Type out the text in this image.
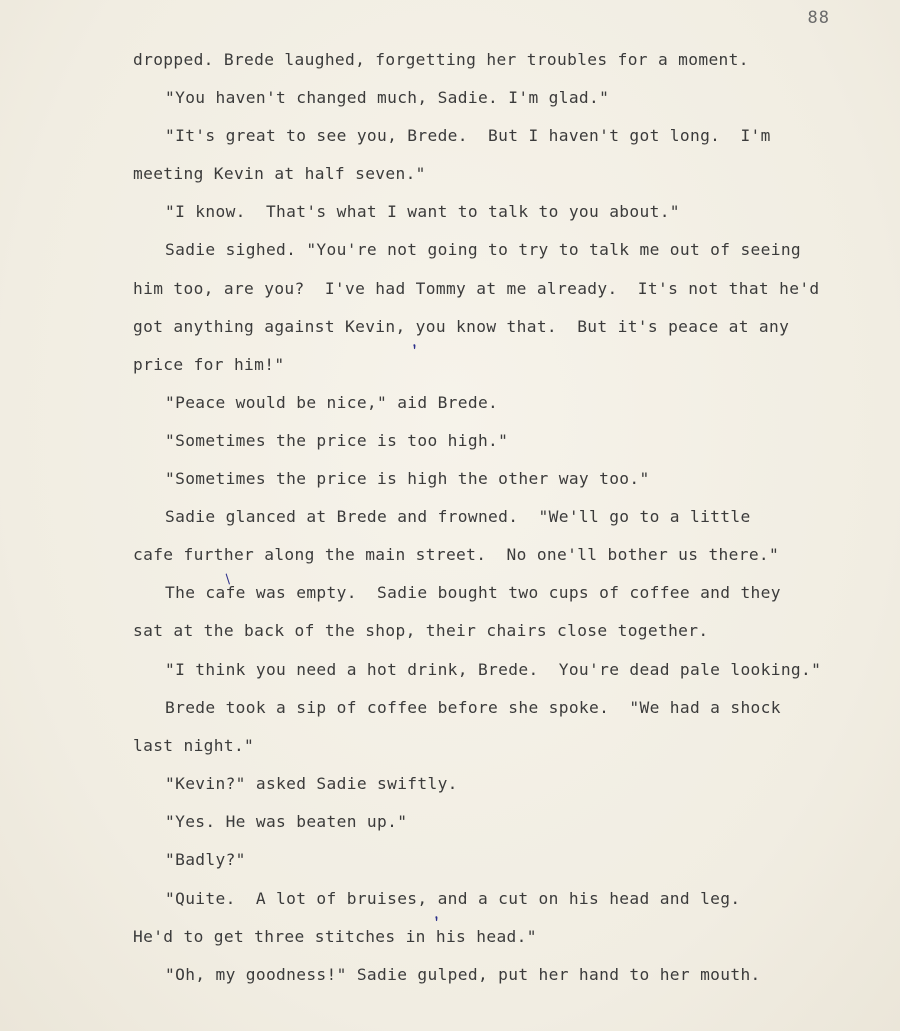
88
dropped. Brede laughed, forgetting her troubles for a moment.
"You haven't changed much, Sadie. I'm glad."
"It's great to see you, Brede.  But I haven't got long.  I'm
meeting Kevin at half seven."
"I know.  That's what I want to talk to you about."
Sadie sighed. "You're not going to try to talk me out of seeing
him too, are you?  I've had Tommy at me already.  It's not that he'd
got anything against Kevin, you know that.  But it's peace at any
price for him!"
"Peace would be nice," aid Brede.
"Sometimes the price is too high."
"Sometimes the price is high the other way too."
Sadie glanced at Brede and frowned.  "We'll go to a little
cafe further along the main street.  No one'll bother us there."
The cafe was empty.  Sadie bought two cups of coffee and they
sat at the back of the shop, their chairs close together.
"I think you need a hot drink, Brede.  You're dead pale looking."
Brede took a sip of coffee before she spoke.  "We had a shock
last night."
"Kevin?" asked Sadie swiftly.
"Yes. He was beaten up."
"Badly?"
"Quite.  A lot of bruises, and a cut on his head and leg.
He'd to get three stitches in his head."
"Oh, my goodness!" Sadie gulped, put her hand to her mouth.
,
/
,
